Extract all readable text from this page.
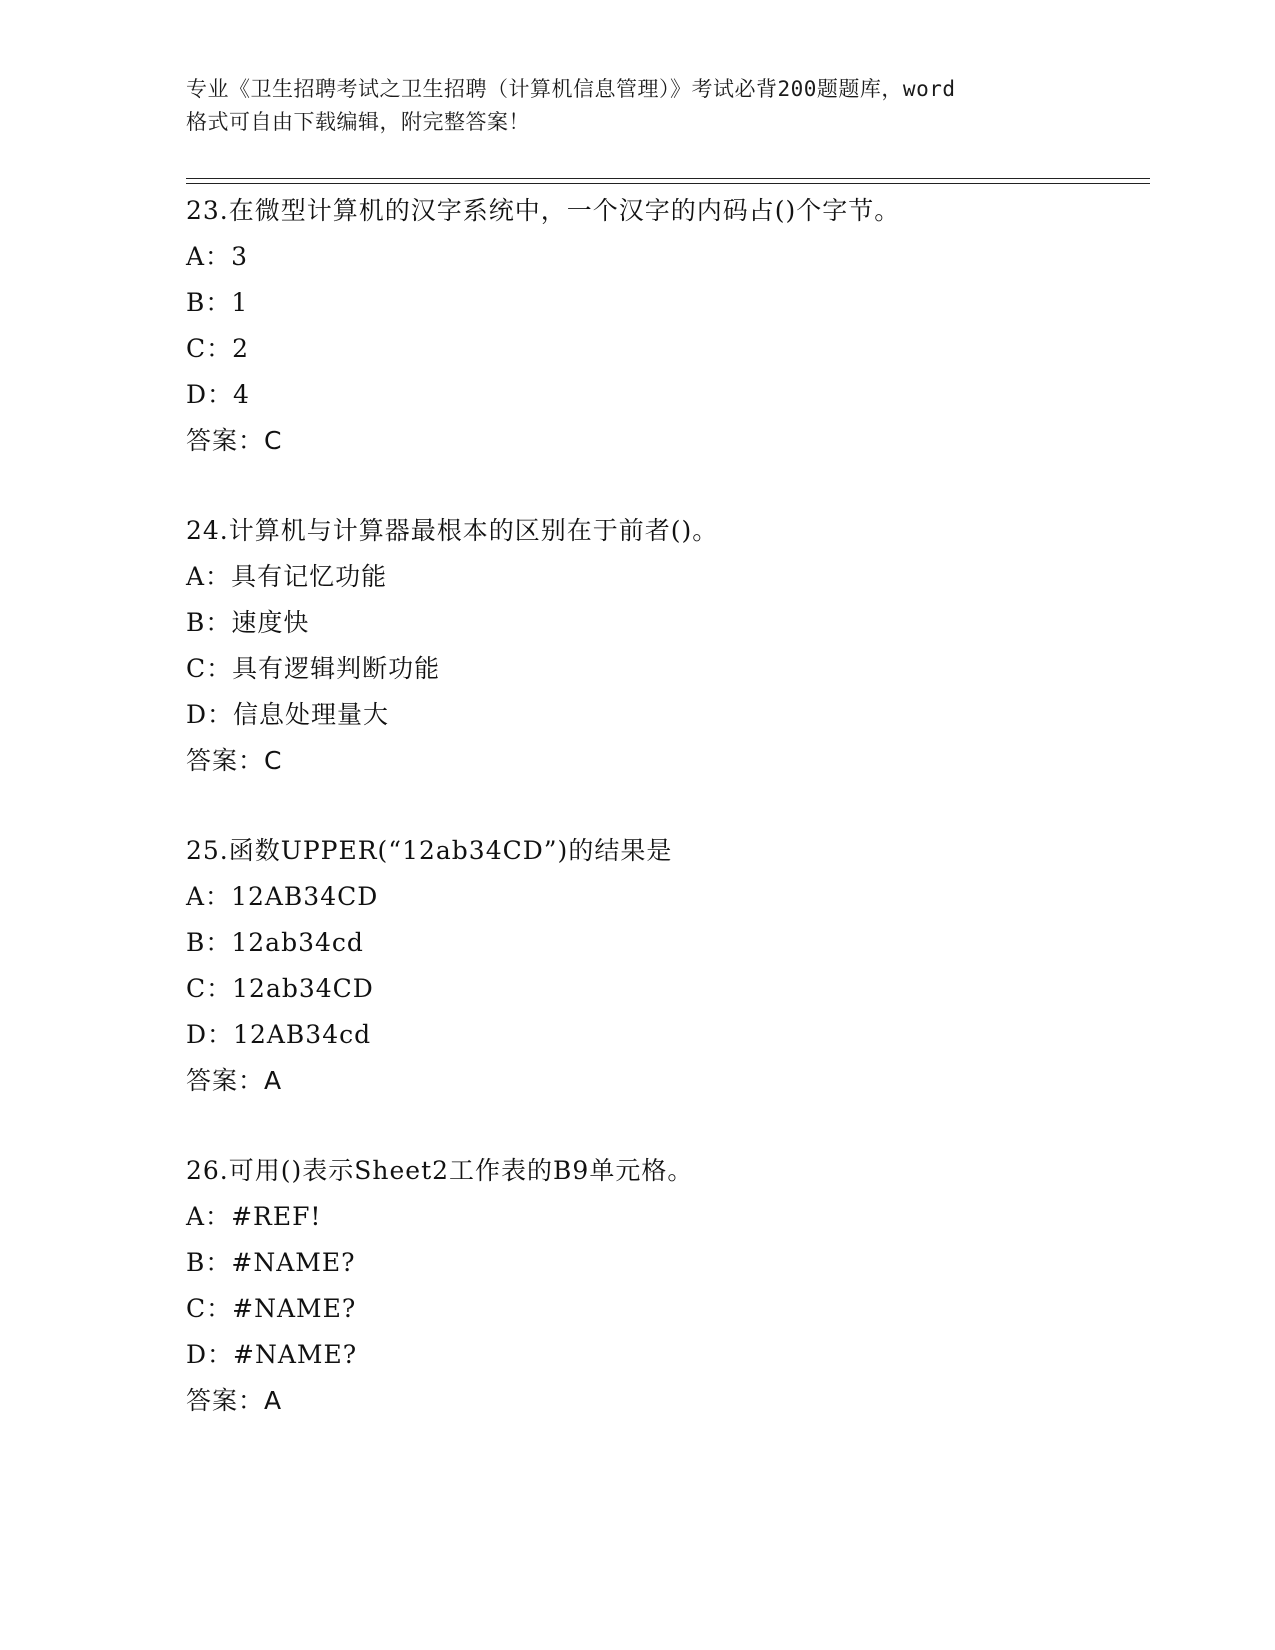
专业《卫生招聘考试之卫生招聘（计算机信息管理）》考试必背200题题库，word
格式可自由下载编辑，附完整答案！
23.在微型计算机的汉字系统中，一个汉字的内码占()个字节。
A：3
B：1
C：2
D：4
答案：C
24.计算机与计算器最根本的区别在于前者()。
A：具有记忆功能
B：速度快
C：具有逻辑判断功能
D：信息处理量大
答案：C
25.函数UPPER(“12ab34CD”)的结果是
A：12AB34CD
B：12ab34cd
C：12ab34CD
D：12AB34cd
答案：A
26.可用()表示Sheet2工作表的B9单元格。
A：#REF!
B：#NAME?
C：#NAME?
D：#NAME?
答案：A
